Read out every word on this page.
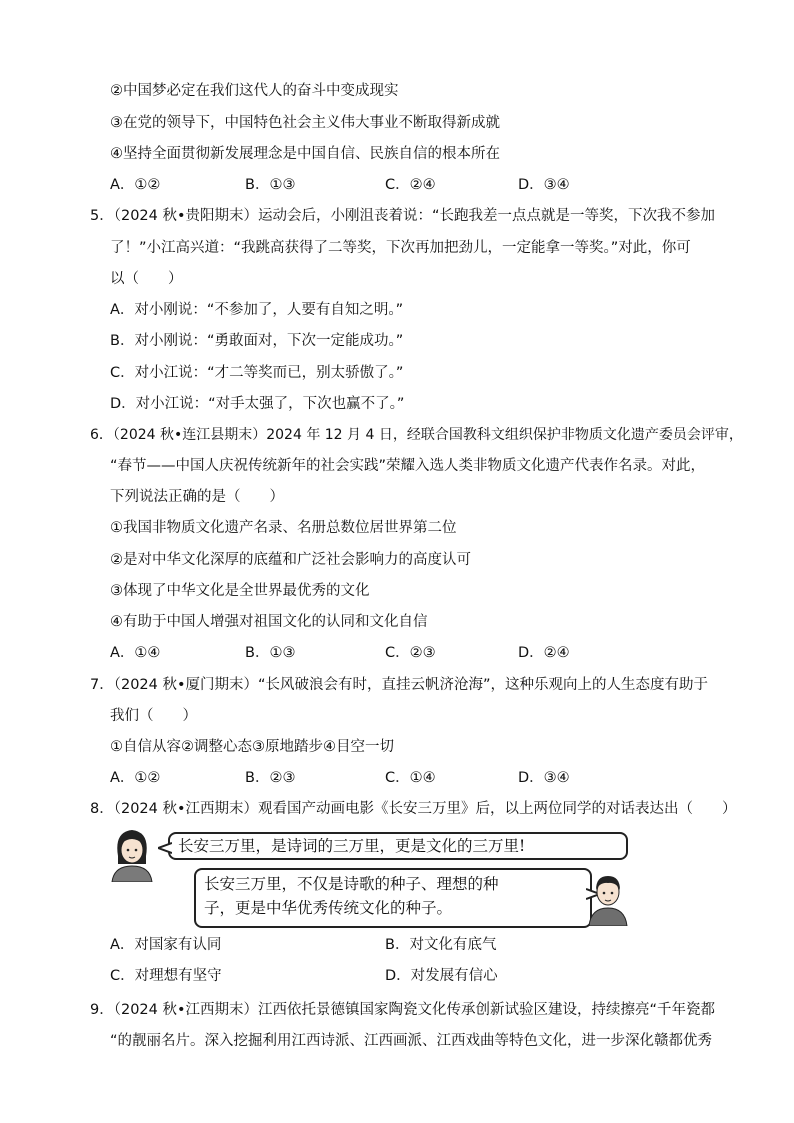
②中国梦必定在我们这代人的奋斗中变成现实
③在党的领导下，中国特色社会主义伟大事业不断取得新成就
④坚持全面贯彻新发展理念是中国自信、民族自信的根本所在
A．①②	B．①③	C．②④	D．③④
5．（2024 秋•贵阳期末）运动会后，小刚沮丧着说：“长跑我差一点点就是一等奖，下次我不参加
了！”小江高兴道：“我跳高获得了二等奖，下次再加把劲儿，一定能拿一等奖。”对此，你可
以（　　）
A．对小刚说：“不参加了，人要有自知之明。”
B．对小刚说：“勇敢面对，下次一定能成功。”
C．对小江说：“才二等奖而已，别太骄傲了。”
D．对小江说：“对手太强了，下次也赢不了。”
6．（2024 秋•连江县期末）2024 年 12 月 4 日，经联合国教科文组织保护非物质文化遗产委员会评审，
“春节——中国人庆祝传统新年的社会实践”荣耀入选人类非物质文化遗产代表作名录。对此，
下列说法正确的是（　　）
①我国非物质文化遗产名录、名册总数位居世界第二位
②是对中华文化深厚的底蕴和广泛社会影响力的高度认可
③体现了中华文化是全世界最优秀的文化
④有助于中国人增强对祖国文化的认同和文化自信
A．①④	B．①③	C．②③	D．②④
7．（2024 秋•厦门期末）“长风破浪会有时，直挂云帆济沧海”，这种乐观向上的人生态度有助于
我们（　　）
①自信从容②调整心态③原地踏步④目空一切
A．①②	B．②③	C．①④	D．③④
8．（2024 秋•江西期末）观看国产动画电影《长安三万里》后，以上两位同学的对话表达出（　　）
长安三万里，是诗词的三万里，更是文化的三万里!
长安三万里，不仅是诗歌的种子、理想的种
子，更是中华优秀传统文化的种子。
A．对国家有认同	B．对文化有底气
C．对理想有坚守	D．对发展有信心
9．（2024 秋•江西期末）江西依托景德镇国家陶瓷文化传承创新试验区建设，持续擦亮“千年瓷都
“的靓丽名片。深入挖掘利用江西诗派、江西画派、江西戏曲等特色文化，进一步深化赣都优秀
